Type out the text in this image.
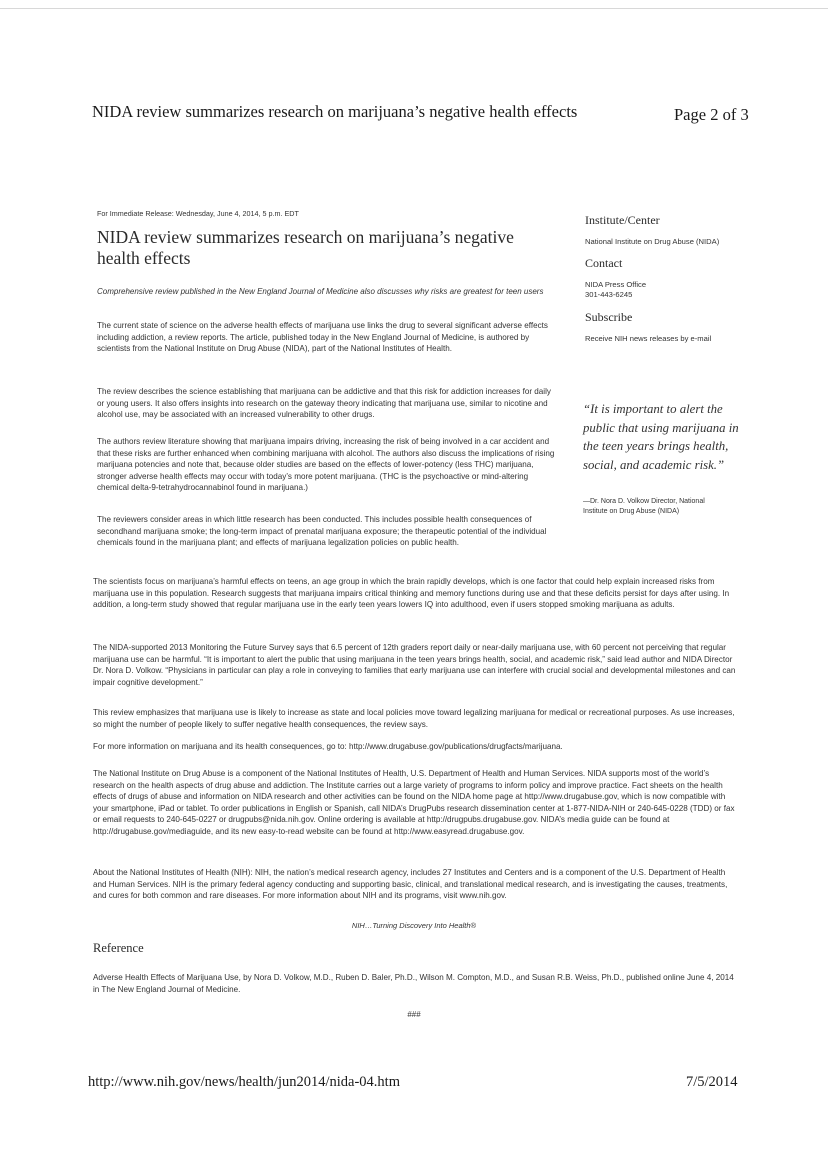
NIDA review summarizes research on marijuana’s negative health effects	Page 2 of 3
For Immediate Release: Wednesday, June 4, 2014, 5 p.m. EDT
NIDA review summarizes research on marijuana’s negative health effects
Comprehensive review published in the New England Journal of Medicine also discusses why risks are greatest for teen users

The current state of science on the adverse health effects of marijuana use links the drug to several significant adverse effects including addiction, a review reports. The article, published today in the New England Journal of Medicine, is authored by scientists from the National Institute on Drug Abuse (NIDA), part of the National Institutes of Health.

The review describes the science establishing that marijuana can be addictive and that this risk for addiction increases for daily or young users. It also offers insights into research on the gateway theory indicating that marijuana use, similar to nicotine and alcohol use, may be associated with an increased vulnerability to other drugs.

The authors review literature showing that marijuana impairs driving, increasing the risk of being involved in a car accident and that these risks are further enhanced when combining marijuana with alcohol. The authors also discuss the implications of rising marijuana potencies and note that, because older studies are based on the effects of lower-potency (less THC) marijuana, stronger adverse health effects may occur with today’s more potent marijuana. (THC is the psychoactive or mind-altering chemical delta-9-tetrahydrocannabinol found in marijuana.)

The reviewers consider areas in which little research has been conducted. This includes possible health consequences of secondhand marijuana smoke; the long-term impact of prenatal marijuana exposure; the therapeutic potential of the individual chemicals found in the marijuana plant; and effects of marijuana legalization policies on public health.

The scientists focus on marijuana’s harmful effects on teens, an age group in which the brain rapidly develops, which is one factor that could help explain increased risks from marijuana use in this population. Research suggests that marijuana impairs critical thinking and memory functions during use and that these deficits persist for days after using. In addition, a long-term study showed that regular marijuana use in the early teen years lowers IQ into adulthood, even if users stopped smoking marijuana as adults.

The NIDA-supported 2013 Monitoring the Future Survey says that 6.5 percent of 12th graders report daily or near-daily marijuana use, with 60 percent not perceiving that regular marijuana use can be harmful. “It is important to alert the public that using marijuana in the teen years brings health, social, and academic risk,” said lead author and NIDA Director Dr. Nora D. Volkow. “Physicians in particular can play a role in conveying to families that early marijuana use can interfere with crucial social and developmental milestones and can impair cognitive development.”

This review emphasizes that marijuana use is likely to increase as state and local policies move toward legalizing marijuana for medical or recreational purposes. As use increases, so might the number of people likely to suffer negative health consequences, the review says.

For more information on marijuana and its health consequences, go to: http://www.drugabuse.gov/publications/drugfacts/marijuana.

The National Institute on Drug Abuse is a component of the National Institutes of Health, U.S. Department of Health and Human Services. NIDA supports most of the world’s research on the health aspects of drug abuse and addiction. The Institute carries out a large variety of programs to inform policy and improve practice. Fact sheets on the health effects of drugs of abuse and information on NIDA research and other activities can be found on the NIDA home page at http://www.drugabuse.gov, which is now compatible with your smartphone, iPad or tablet. To order publications in English or Spanish, call NIDA’s DrugPubs research dissemination center at 1-877-NIDA-NIH or 240-645-0228 (TDD) or fax or email requests to 240-645-0227 or drugpubs@nida.nih.gov. Online ordering is available at http://drugpubs.drugabuse.gov. NIDA’s media guide can be found at http://drugabuse.gov/mediaguide, and its new easy-to-read website can be found at http://www.easyread.drugabuse.gov.

About the National Institutes of Health (NIH): NIH, the nation’s medical research agency, includes 27 Institutes and Centers and is a component of the U.S. Department of Health and Human Services. NIH is the primary federal agency conducting and supporting basic, clinical, and translational medical research, and is investigating the causes, treatments, and cures for both common and rare diseases. For more information about NIH and its programs, visit www.nih.gov.

NIH…Turning Discovery Into Health®
Reference

Adverse Health Effects of Marijuana Use, by Nora D. Volkow, M.D., Ruben D. Baler, Ph.D., Wilson M. Compton, M.D., and Susan R.B. Weiss, Ph.D., published online June 4, 2014 in The New England Journal of Medicine.

###
Institute/Center
National Institute on Drug Abuse (NIDA)
Contact
NIDA Press Office
301-443-6245
Subscribe
Receive NIH news releases by e-mail
“It is important to alert the public that using marijuana in the teen years brings health, social, and academic risk.”
—Dr. Nora D. Volkow Director, National Institute on Drug Abuse (NIDA)
http://www.nih.gov/news/health/jun2014/nida-04.htm	7/5/2014
